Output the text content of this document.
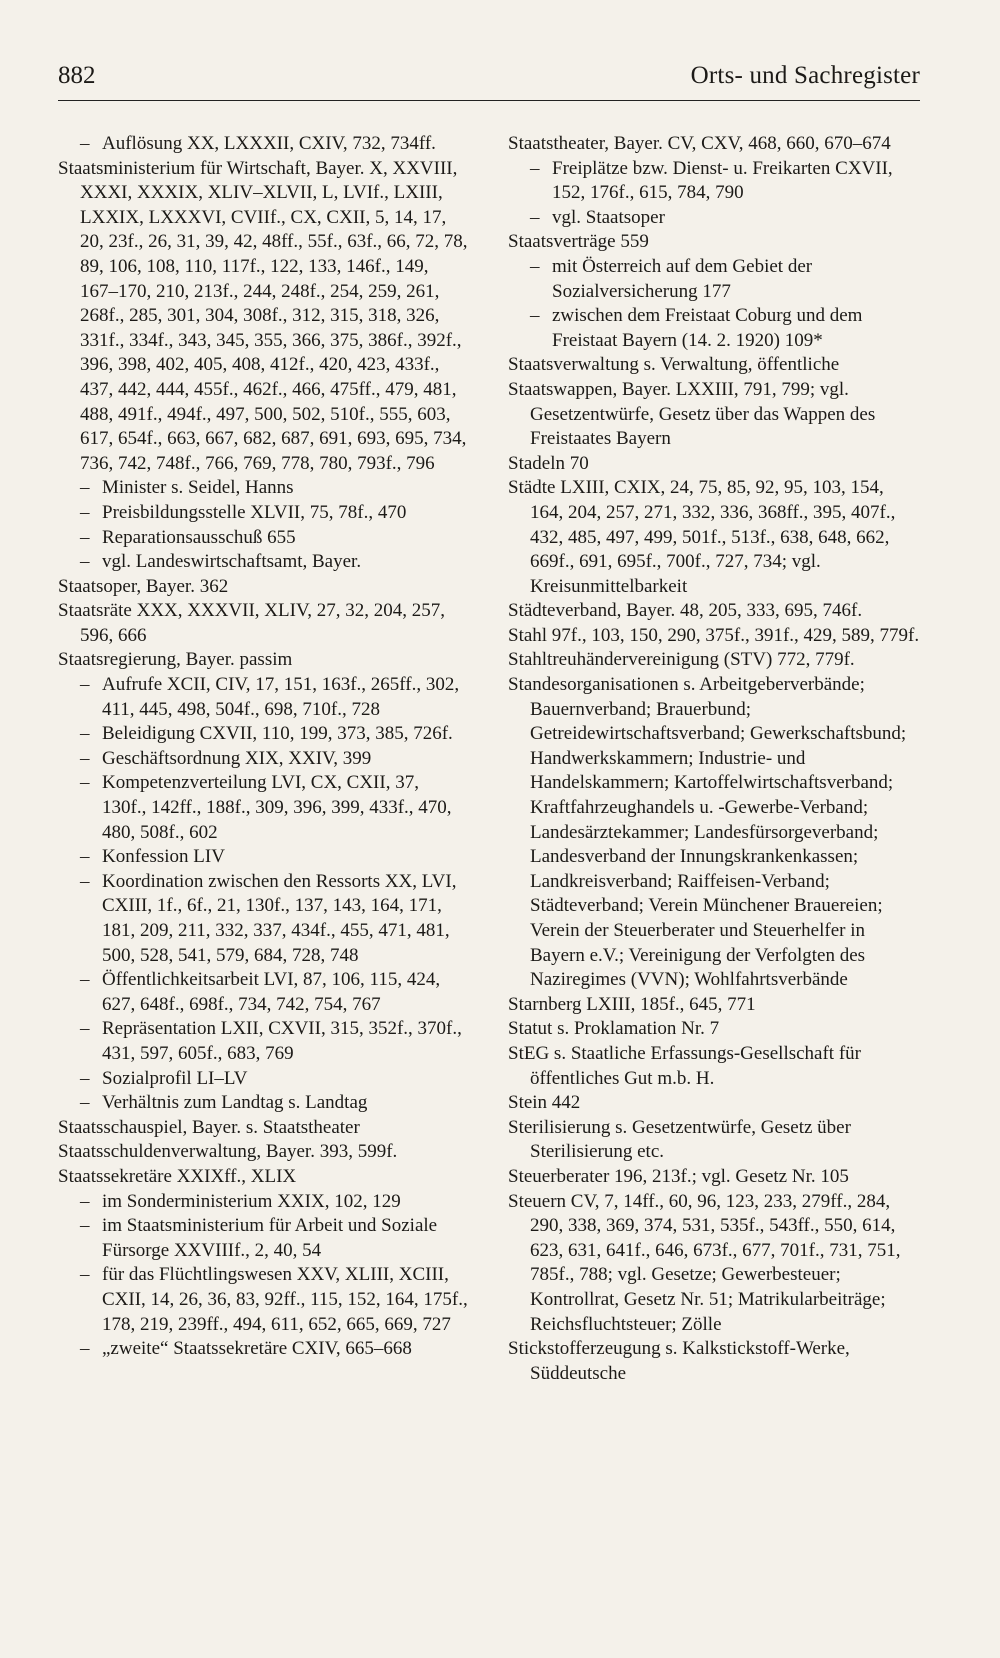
882	Orts- und Sachregister

– Auflösung XX, LXXXII, CXIV, 732, 734ff.

Staatsministerium für Wirtschaft, Bayer. X, XXVIII, XXXI, XXXIX, XLIV–XLVII, L, LVIf., LXIII, LXXIX, LXXXVI, CVIIf., CX, CXII, 5, 14, 17, 20, 23f., 26, 31, 39, 42, 48ff., 55f., 63f., 66, 72, 78, 89, 106, 108, 110, 117f., 122, 133, 146f., 149, 167–170, 210, 213f., 244, 248f., 254, 259, 261, 268f., 285, 301, 304, 308f., 312, 315, 318, 326, 331f., 334f., 343, 345, 355, 366, 375, 386f., 392f., 396, 398, 402, 405, 408, 412f., 420, 423, 433f., 437, 442, 444, 455f., 462f., 466, 475ff., 479, 481, 488, 491f., 494f., 497, 500, 502, 510f., 555, 603, 617, 654f., 663, 667, 682, 687, 691, 693, 695, 734, 736, 742, 748f., 766, 769, 778, 780, 793f., 796

– Minister s. Seidel, Hanns

– Preisbildungsstelle XLVII, 75, 78f., 470

– Reparationsausschuß 655

– vgl. Landeswirtschaftsamt, Bayer.

Staatsoper, Bayer. 362

Staatsräte XXX, XXXVII, XLIV, 27, 32, 204, 257, 596, 666

Staatsregierung, Bayer. passim

– Aufrufe XCII, CIV, 17, 151, 163f., 265ff., 302, 411, 445, 498, 504f., 698, 710f., 728

– Beleidigung CXVII, 110, 199, 373, 385, 726f.

– Geschäftsordnung XIX, XXIV, 399

– Kompetenzverteilung LVI, CX, CXII, 37, 130f., 142ff., 188f., 309, 396, 399, 433f., 470, 480, 508f., 602

– Konfession LIV

– Koordination zwischen den Ressorts XX, LVI, CXIII, 1f., 6f., 21, 130f., 137, 143, 164, 171, 181, 209, 211, 332, 337, 434f., 455, 471, 481, 500, 528, 541, 579, 684, 728, 748

– Öffentlichkeitsarbeit LVI, 87, 106, 115, 424, 627, 648f., 698f., 734, 742, 754, 767

– Repräsentation LXII, CXVII, 315, 352f., 370f., 431, 597, 605f., 683, 769

– Sozialprofil LI–LV

– Verhältnis zum Landtag s. Landtag

Staatsschauspiel, Bayer. s. Staatstheater

Staatsschuldenverwaltung, Bayer. 393, 599f.

Staatssekretäre XXIXff., XLIX

– im Sonderministerium XXIX, 102, 129

– im Staatsministerium für Arbeit und Soziale Fürsorge XXVIIIf., 2, 40, 54

– für das Flüchtlingswesen XXV, XLIII, XCIII, CXII, 14, 26, 36, 83, 92ff., 115, 152, 164, 175f., 178, 219, 239ff., 494, 611, 652, 665, 669, 727

– „zweite“ Staatssekretäre CXIV, 665–668

Staatstheater, Bayer. CV, CXV, 468, 660, 670–674

– Freiplätze bzw. Dienst- u. Freikarten CXVII, 152, 176f., 615, 784, 790

– vgl. Staatsoper

Staatsverträge 559

– mit Österreich auf dem Gebiet der Sozialversicherung 177

– zwischen dem Freistaat Coburg und dem Freistaat Bayern (14. 2. 1920) 109*

Staatsverwaltung s. Verwaltung, öffentliche

Staatswappen, Bayer. LXXIII, 791, 799; vgl. Gesetzentwürfe, Gesetz über das Wappen des Freistaates Bayern

Stadeln 70

Städte LXIII, CXIX, 24, 75, 85, 92, 95, 103, 154, 164, 204, 257, 271, 332, 336, 368ff., 395, 407f., 432, 485, 497, 499, 501f., 513f., 638, 648, 662, 669f., 691, 695f., 700f., 727, 734; vgl. Kreisunmittelbarkeit

Städteverband, Bayer. 48, 205, 333, 695, 746f.

Stahl 97f., 103, 150, 290, 375f., 391f., 429, 589, 779f.

Stahltreuhändervereinigung (STV) 772, 779f.

Standesorganisationen s. Arbeitgeberverbände; Bauernverband; Brauerbund; Getreidewirtschaftsverband; Gewerkschaftsbund; Handwerkskammern; Industrie- und Handelskammern; Kartoffelwirtschaftsverband; Kraftfahrzeughandels u. -Gewerbe-Verband; Landesärztekammer; Landesfürsorgeverband; Landesverband der Innungskrankenkassen; Landkreisverband; Raiffeisen-Verband; Städteverband; Verein Münchener Brauereien; Verein der Steuerberater und Steuerhelfer in Bayern e.V.; Vereinigung der Verfolgten des Naziregimes (VVN); Wohlfahrtsverbände

Starnberg LXIII, 185f., 645, 771

Statut s. Proklamation Nr. 7

StEG s. Staatliche Erfassungs-Gesellschaft für öffentliches Gut m.b. H.

Stein 442

Sterilisierung s. Gesetzentwürfe, Gesetz über Sterilisierung etc.

Steuerberater 196, 213f.; vgl. Gesetz Nr. 105

Steuern CV, 7, 14ff., 60, 96, 123, 233, 279ff., 284, 290, 338, 369, 374, 531, 535f., 543ff., 550, 614, 623, 631, 641f., 646, 673f., 677, 701f., 731, 751, 785f., 788; vgl. Gesetze; Gewerbesteuer; Kontrollrat, Gesetz Nr. 51; Matrikularbeiträge; Reichsfluchtsteuer; Zölle

Stickstofferzeugung s. Kalkstickstoff-Werke, Süddeutsche
